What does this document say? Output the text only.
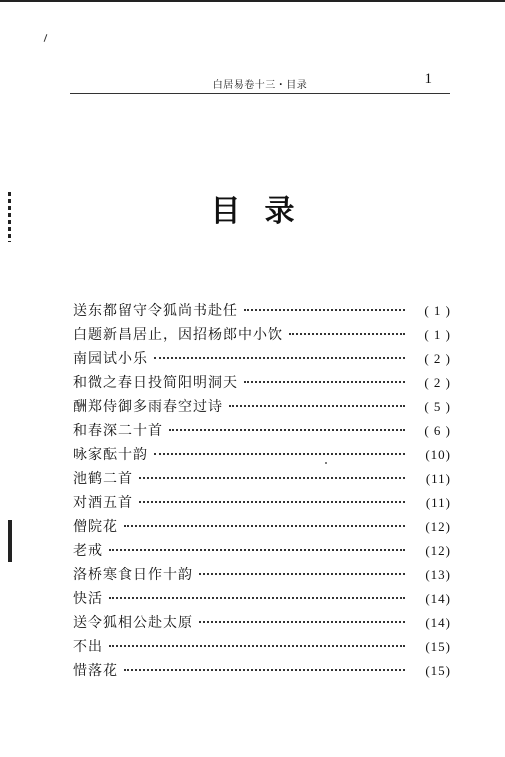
白居易卷十三・目录	1
目录
送东都留守令狐尚书赴任	( 1 )
白题新昌居止，因招杨郎中小饮	( 1 )
南园试小乐	( 2 )
和微之春日投简阳明洞天	( 2 )
酬郑侍御多雨春空过诗	( 5 )
和春深二十首	( 6 )
咏家酝十韵	(10)
池鹤二首	(11)
对酒五首	(11)
僧院花	(12)
老戒	(12)
洛桥寒食日作十韵	(13)
快活	(14)
送令狐相公赴太原	(14)
不出	(15)
惜落花	(15)
